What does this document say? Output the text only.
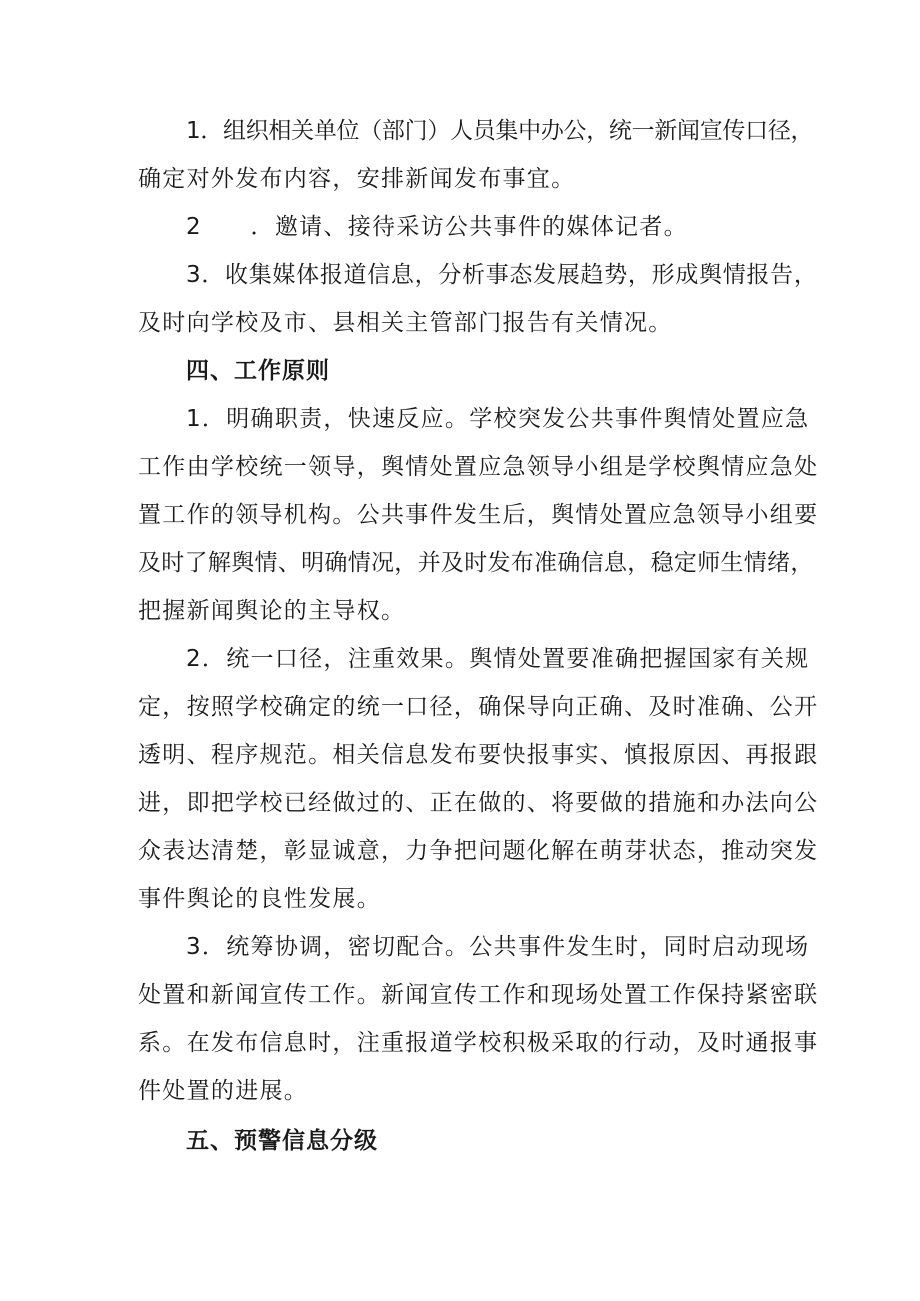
1．组织相关单位（部门）人员集中办公，统一新闻宣传口径，
确定对外发布内容，安排新闻发布事宜。
2　　．邀请、接待采访公共事件的媒体记者。
3．收集媒体报道信息，分析事态发展趋势，形成舆情报告，
及时向学校及市、县相关主管部门报告有关情况。
四、工作原则
1．明确职责，快速反应。学校突发公共事件舆情处置应急
工作由学校统一领导，舆情处置应急领导小组是学校舆情应急处
置工作的领导机构。公共事件发生后，舆情处置应急领导小组要
及时了解舆情、明确情况，并及时发布准确信息，稳定师生情绪，
把握新闻舆论的主导权。
2．统一口径，注重效果。舆情处置要准确把握国家有关规
定，按照学校确定的统一口径，确保导向正确、及时准确、公开
透明、程序规范。相关信息发布要快报事实、慎报原因、再报跟
进，即把学校已经做过的、正在做的、将要做的措施和办法向公
众表达清楚，彰显诚意，力争把问题化解在萌芽状态，推动突发
事件舆论的良性发展。
3．统筹协调，密切配合。公共事件发生时，同时启动现场
处置和新闻宣传工作。新闻宣传工作和现场处置工作保持紧密联
系。在发布信息时，注重报道学校积极采取的行动，及时通报事
件处置的进展。
五、预警信息分级
